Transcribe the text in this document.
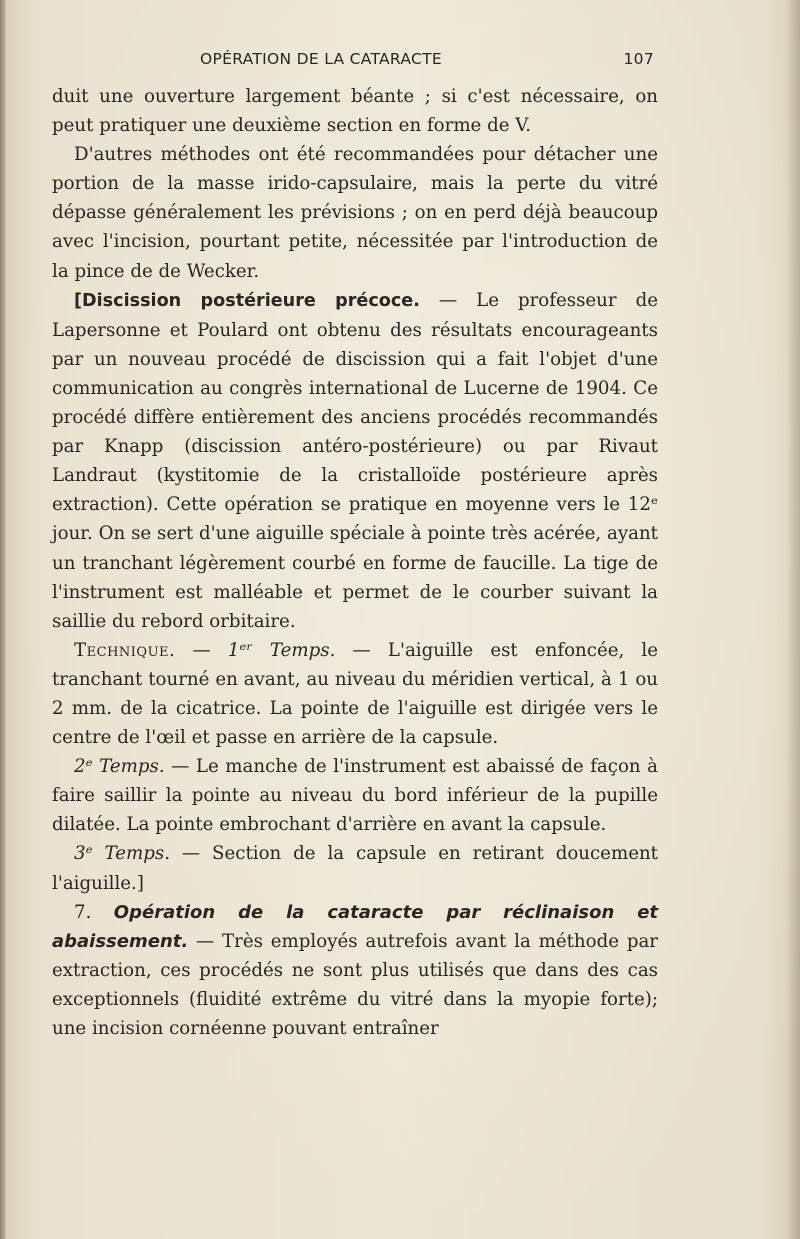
OPÉRATION DE LA CATARACTE	107

duit une ouverture largement béante ; si c'est nécessaire, on peut pratiquer une deuxième section en forme de V.

D'autres méthodes ont été recommandées pour détacher une portion de la masse irido-capsulaire, mais la perte du vitré dépasse généralement les prévisions ; on en perd déjà beaucoup avec l'incision, pourtant petite, nécessitée par l'introduction de la pince de de Wecker.

[Discission postérieure précoce. — Le professeur de Lapersonne et Poulard ont obtenu des résultats encourageants par un nouveau procédé de discission qui a fait l'objet d'une communication au congrès international de Lucerne de 1904. Ce procédé diffère entièrement des anciens procédés recommandés par Knapp (discission antéro-postérieure) ou par Rivaut Landraut (kystitomie de la cristalloïde postérieure après extraction). Cette opération se pratique en moyenne vers le 12ᵉ jour. On se sert d'une aiguille spéciale à pointe très acérée, ayant un tranchant légèrement courbé en forme de faucille. La tige de l'instrument est malléable et permet de le courber suivant la saillie du rebord orbitaire.

Technique. — 1ᵉʳ Temps. — L'aiguille est enfoncée, le tranchant tourné en avant, au niveau du méridien vertical, à 1 ou 2 mm. de la cicatrice. La pointe de l'aiguille est dirigée vers le centre de l'œil et passe en arrière de la capsule.

2ᵉ Temps. — Le manche de l'instrument est abaissé de façon à faire saillir la pointe au niveau du bord inférieur de la pupille dilatée. La pointe embrochant d'arrière en avant la capsule.

3ᵉ Temps. — Section de la capsule en retirant doucement l'aiguille.]

7. Opération de la cataracte par réclinaison et abaissement. — Très employés autrefois avant la méthode par extraction, ces procédés ne sont plus utilisés que dans des cas exceptionnels (fluidité extrême du vitré dans la myopie forte); une incision cornéenne pouvant entraîner
